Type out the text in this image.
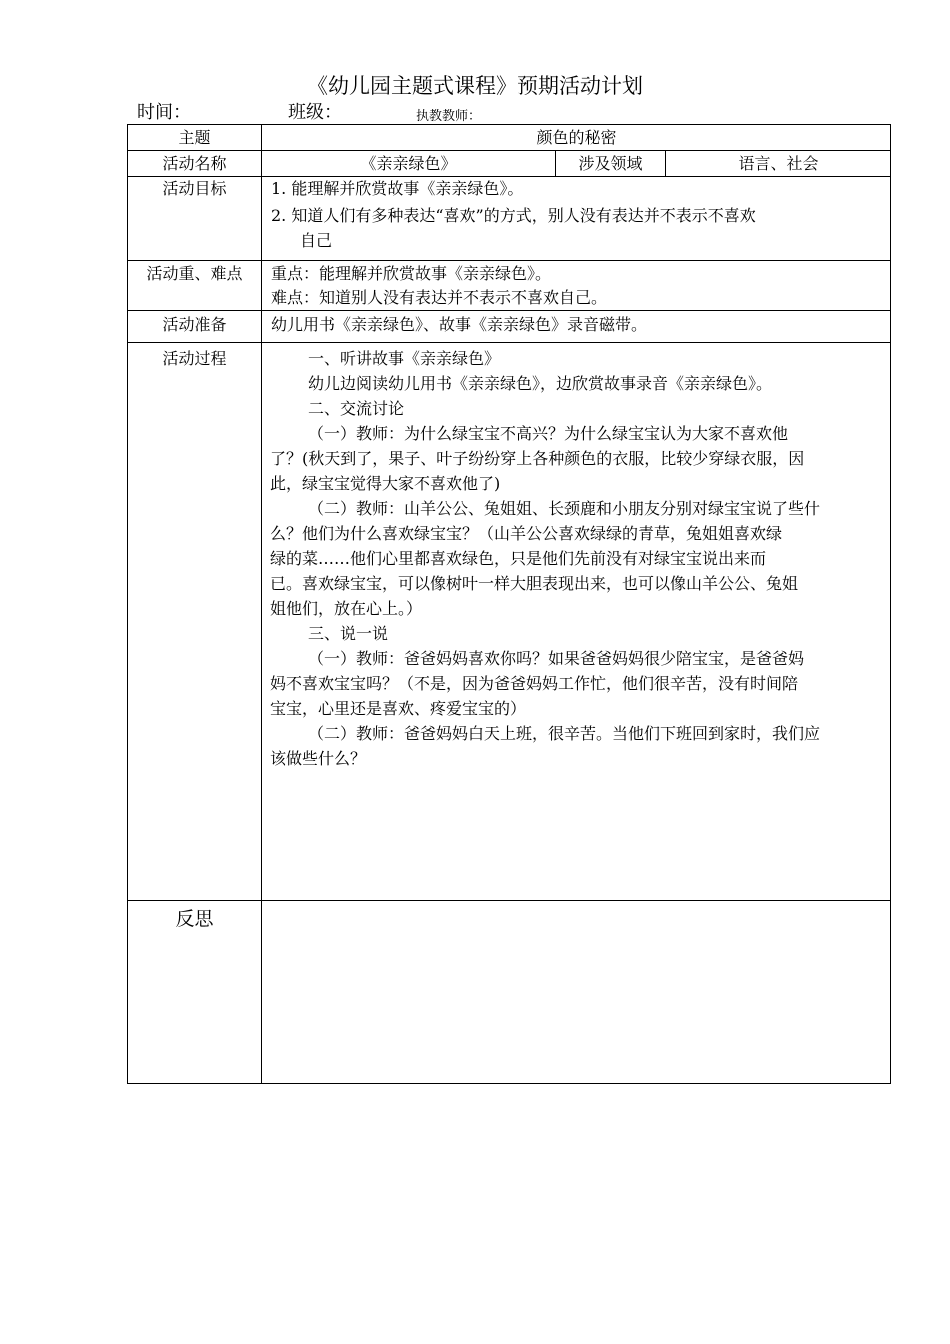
《幼儿园主题式课程》预期活动计划
时间：	班级：	执教教师：
主题	颜色的秘密
活动名称	《亲亲绿色》	涉及领域	语言、社会
活动目标	1. 能理解并欣赏故事《亲亲绿色》。
2. 知道人们有多种表达“喜欢”的方式，别人没有表达并不表示不喜欢
自己
活动重、难点	重点：能理解并欣赏故事《亲亲绿色》。
难点：知道别人没有表达并不表示不喜欢自己。
活动准备	幼儿用书《亲亲绿色》、故事《亲亲绿色》录音磁带。
活动过程	一、听讲故事《亲亲绿色》
幼儿边阅读幼儿用书《亲亲绿色》，边欣赏故事录音《亲亲绿色》。
二、交流讨论
（一）教师：为什么绿宝宝不高兴？为什么绿宝宝认为大家不喜欢他
了？(秋天到了，果子、叶子纷纷穿上各种颜色的衣服，比较少穿绿衣服，因
此，绿宝宝觉得大家不喜欢他了)
（二）教师：山羊公公、兔姐姐、长颈鹿和小朋友分别对绿宝宝说了些什
么？他们为什么喜欢绿宝宝？（山羊公公喜欢绿绿的青草，兔姐姐喜欢绿
绿的菜……他们心里都喜欢绿色，只是他们先前没有对绿宝宝说出来而
已。喜欢绿宝宝，可以像树叶一样大胆表现出来，也可以像山羊公公、兔姐
姐他们，放在心上。）
三、说一说
（一）教师：爸爸妈妈喜欢你吗？如果爸爸妈妈很少陪宝宝，是爸爸妈
妈不喜欢宝宝吗？（不是，因为爸爸妈妈工作忙，他们很辛苦，没有时间陪
宝宝，心里还是喜欢、疼爱宝宝的）
（二）教师：爸爸妈妈白天上班，很辛苦。当他们下班回到家时，我们应
该做些什么？
反思
